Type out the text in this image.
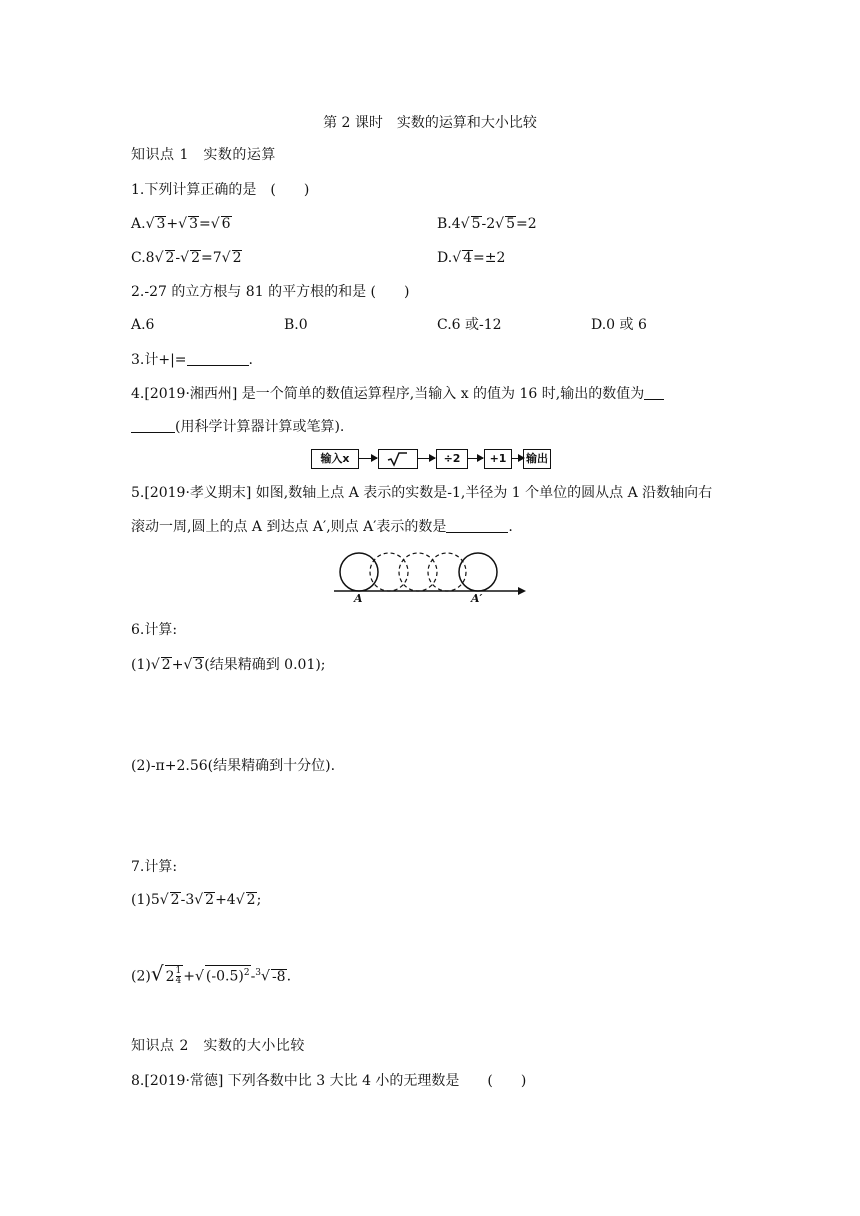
第 2 课时　实数的运算和大小比较
知识点 1　实数的运算
1.下列计算正确的是　(　　)
A.√ 3+√ 3=√ 6	B.4√ 5-2√ 5=2
C.8√ 2-√ 2=7√ 2	D.√ 4=±2
2.-27 的立方根与 81 的平方根的和是 (　　)
A.6	B.0	C.6 或-12	D.0 或 6
3.计+|=	.
4.[2019·湘西州] 是一个简单的数值运算程序,当输入 x 的值为 16 时,输出的数值为
(用科学计算器计算或笔算).
输入x	÷2	+1	输出
5.[2019·孝义期末] 如图,数轴上点 A 表示的实数是-1,半径为 1 个单位的圆从点 A 沿数轴向右
滚动一周,圆上的点 A 到达点 A′,则点 A′表示的数是	.
A	A′
6.计算:
(1)√ 2+√ 3(结果精确到 0.01);
(2)-π+2.56(结果精确到十分位).
7.计算:
(1)5√ 2-3√ 2+4√ 2;
(2)√ $2 \frac{1}{4}$ +√ $(-0.5)^2-^3√$ -8.
知识点 2　实数的大小比较
8.[2019·常德] 下列各数中比 3 大比 4 小的无理数是　　(　　)
